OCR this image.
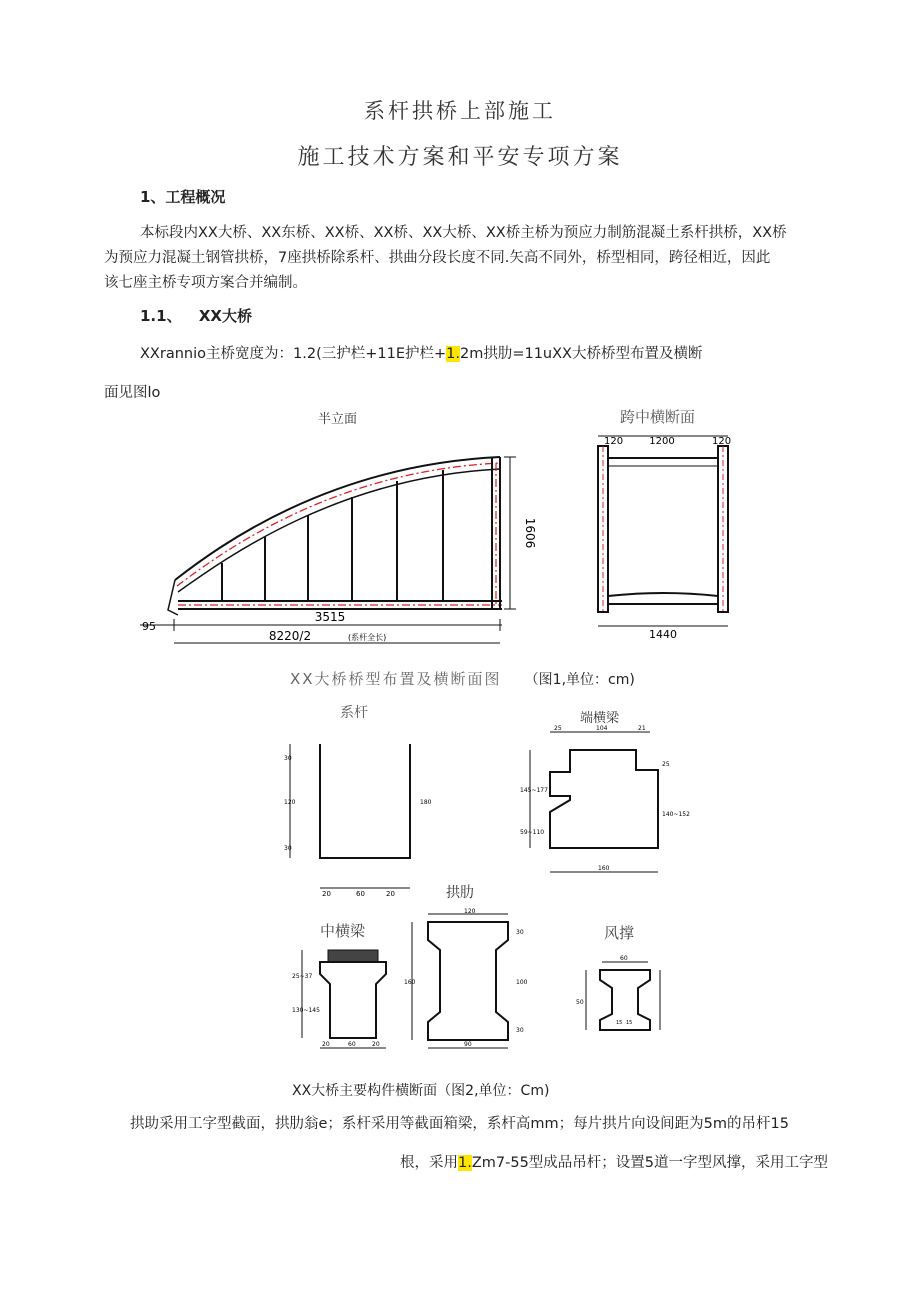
系杆拱桥上部施工
施工技术方案和平安专项方案
1、工程概况
本标段内XX大桥、XX东桥、XX桥、XX桥、XX大桥、XX桥主桥为预应力制筋混凝土系杆拱桥，XX桥
为预应力混凝土钢管拱桥，7座拱桥除系杆、拱曲分段长度不同.矢高不同外，桥型相同，跨径相近，因此
该七座主桥专项方案合并编制。
1.1、 XX大桥
XXrannio主桥宽度为：1.2(三护栏+11E护栏+1.2m拱肋=11uXX大桥桥型布置及横断
面见图lo
半立面	跨中横断面
1606
3515
95
8220/2	(系杆全长)
120	1200	120
1440
XX大桥桥型布置及横断面图 （图1,单位：cm)
系杆
30
120
30
180
20	60	20
端横梁
25	104	21
145~177
59~110
25
140~152
160
拱肋
120
160	100
30
30
90
中横梁
130~145
25~37
20	60	20
风撑
60
50
15 15
XX大桥主要构件横断面（图2,单位：Cm)
拱助采用工字型截面，拱肋翁e；系杆采用等截面箱梁，系杆高mm；每片拱片向设间距为5m的吊杆15
根，采用1.Zm7-55型成品吊杆；设置5道一字型风撑，采用工字型
